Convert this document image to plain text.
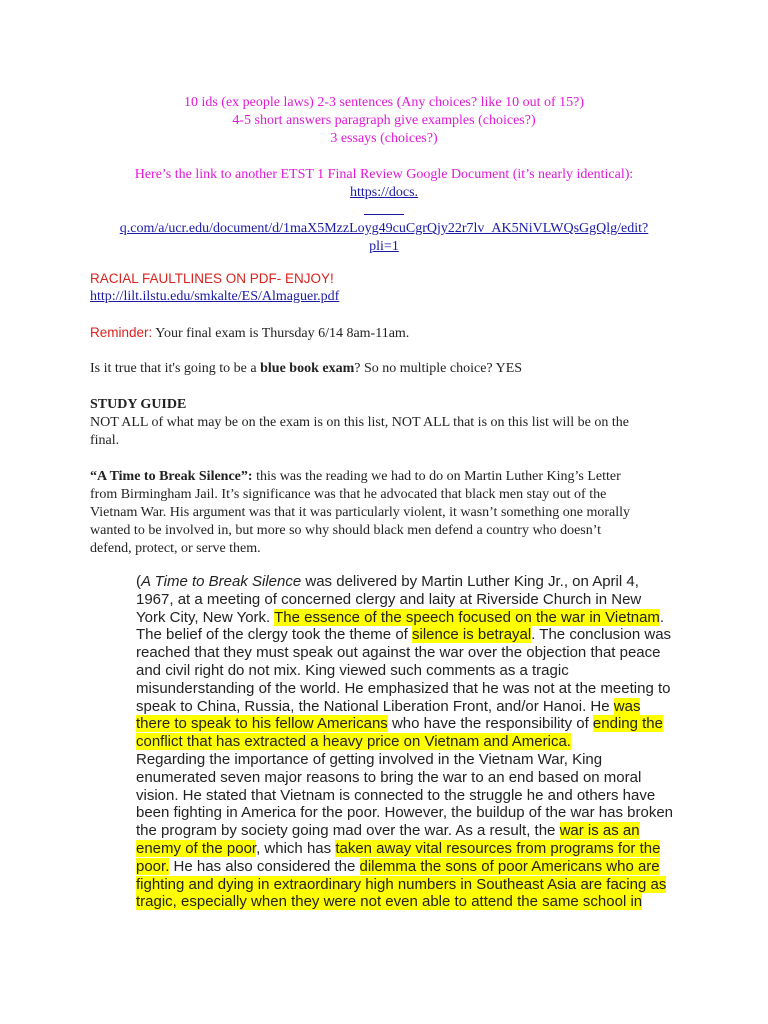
10 ids (ex people laws) 2-3 sentences (Any choices? like 10 out of 15?)
4-5 short answers paragraph give examples (choices?)
3 essays (choices?)
Here’s the link to another ETST 1 Final Review Google Document (it’s nearly identical):
https://docs.
q.com/a/ucr.edu/document/d/1maX5MzzLoyg49cuCgrQjy22r7lv_AK5NiVLWQsGgQlg/edit?
pli=1
RACIAL FAULTLINES ON PDF- ENJOY!
http://lilt.ilstu.edu/smkalte/ES/Almaguer.pdf
Reminder: Your final exam is Thursday 6/14 8am-11am.
Is it true that it's going to be a blue book exam? So no multiple choice? YES
STUDY GUIDE
NOT ALL of what may be on the exam is on this list, NOT ALL that is on this list will be on the
final.
“A Time to Break Silence”: this was the reading we had to do on Martin Luther King’s Letter
from Birmingham Jail. It’s significance was that he advocated that black men stay out of the
Vietnam War. His argument was that it was particularly violent, it wasn’t something one morally
wanted to be involved in, but more so why should black men defend a country who doesn’t
defend, protect, or serve them.
(A Time to Break Silence was delivered by Martin Luther King Jr., on April 4,
1967, at a meeting of concerned clergy and laity at Riverside Church in New
York City, New York. The essence of the speech focused on the war in Vietnam.
The belief of the clergy took the theme of silence is betrayal. The conclusion was
reached that they must speak out against the war over the objection that peace
and civil right do not mix. King viewed such comments as a tragic
misunderstanding of the world. He emphasized that he was not at the meeting to
speak to China, Russia, the National Liberation Front, and/or Hanoi. He was
there to speak to his fellow Americans who have the responsibility of ending the
conflict that has extracted a heavy price on Vietnam and America.
Regarding the importance of getting involved in the Vietnam War, King
enumerated seven major reasons to bring the war to an end based on moral
vision. He stated that Vietnam is connected to the struggle he and others have
been fighting in America for the poor. However, the buildup of the war has broken
the program by society going mad over the war. As a result, the war is as an
enemy of the poor, which has taken away vital resources from programs for the
poor. He has also considered the dilemma the sons of poor Americans who are
fighting and dying in extraordinary high numbers in Southeast Asia are facing as
tragic, especially when they were not even able to attend the same school in
